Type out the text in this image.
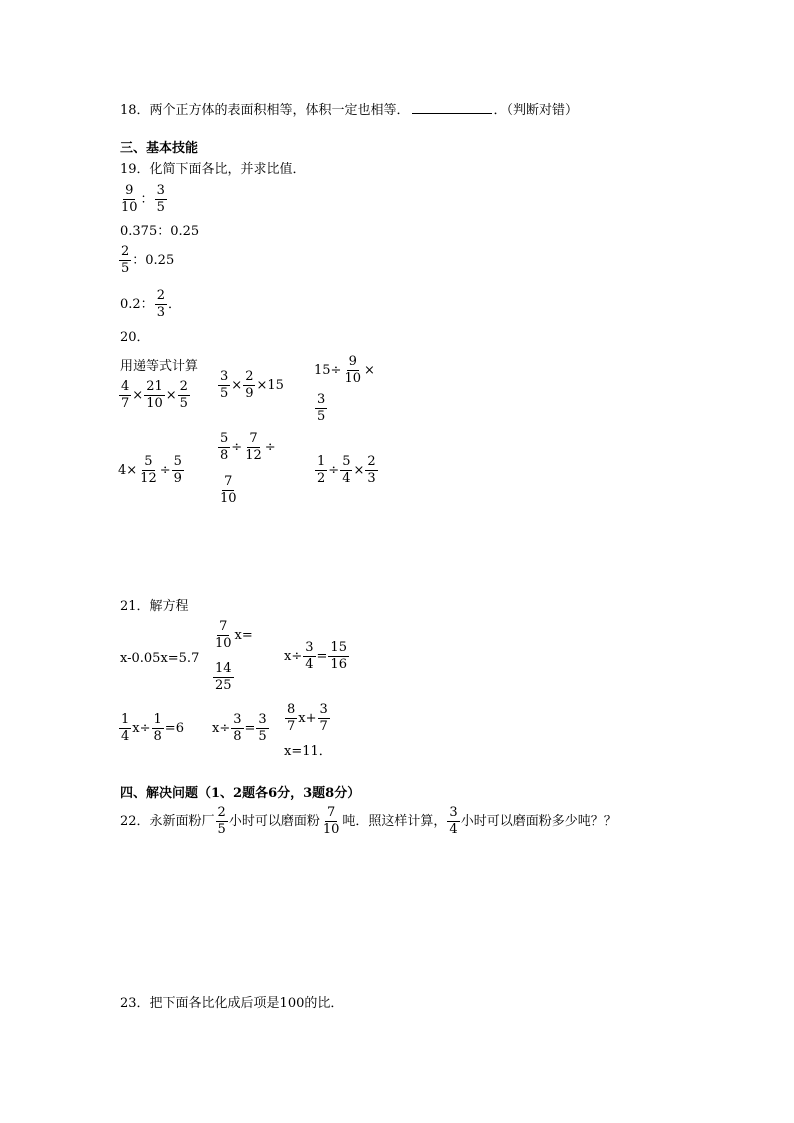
18．两个正方体的表面积相等，体积一定也相等．	．（判断对错）
三、基本技能
19．化简下面各比，并求比值．
$\frac{9}{10}$ ： $\frac{3}{5}$
0.375：0.25
$\frac{2}{5}$ ：0.25
0.2： $\frac{2}{3}$ ．
20．
用递等式计算
$\frac{4}{7} \times \frac{21}{10} \times \frac{2}{5} \frac{3}{5} \times \frac{2}{9} \times 15$
$15\div \frac{9}{10}$ ×
$\frac{3}{5}$
$4\times \frac{5}{12} \div \frac{5}{9}$
$\frac{5}{8} \div \frac{7}{12}$ ÷
$\frac{7}{10}$
$\frac{1}{2} \div \frac{5}{4} \times \frac{2}{3}$
21．解方程
x-0.05x=5.7
$\frac{7}{10} x=$
$\frac{14}{25}$
$x\div \frac{3}{4} = \frac{15}{16}$
$\frac{1}{4} x\div \frac{1}{8} =6$ $x\div \frac{3}{8} = \frac{3}{5} \frac{8}{7} x+ \frac{3}{7}$
x=11．
四、解决问题（1、2题各6分，3题8分）
22．永新面粉厂 $\frac{2}{5}$ 小时可以磨面粉 $\frac{7}{10}$ 吨．照这样计算， $\frac{3}{4}$ 小时可以磨面粉多少吨？？
23．把下面各比化成后项是100的比．
